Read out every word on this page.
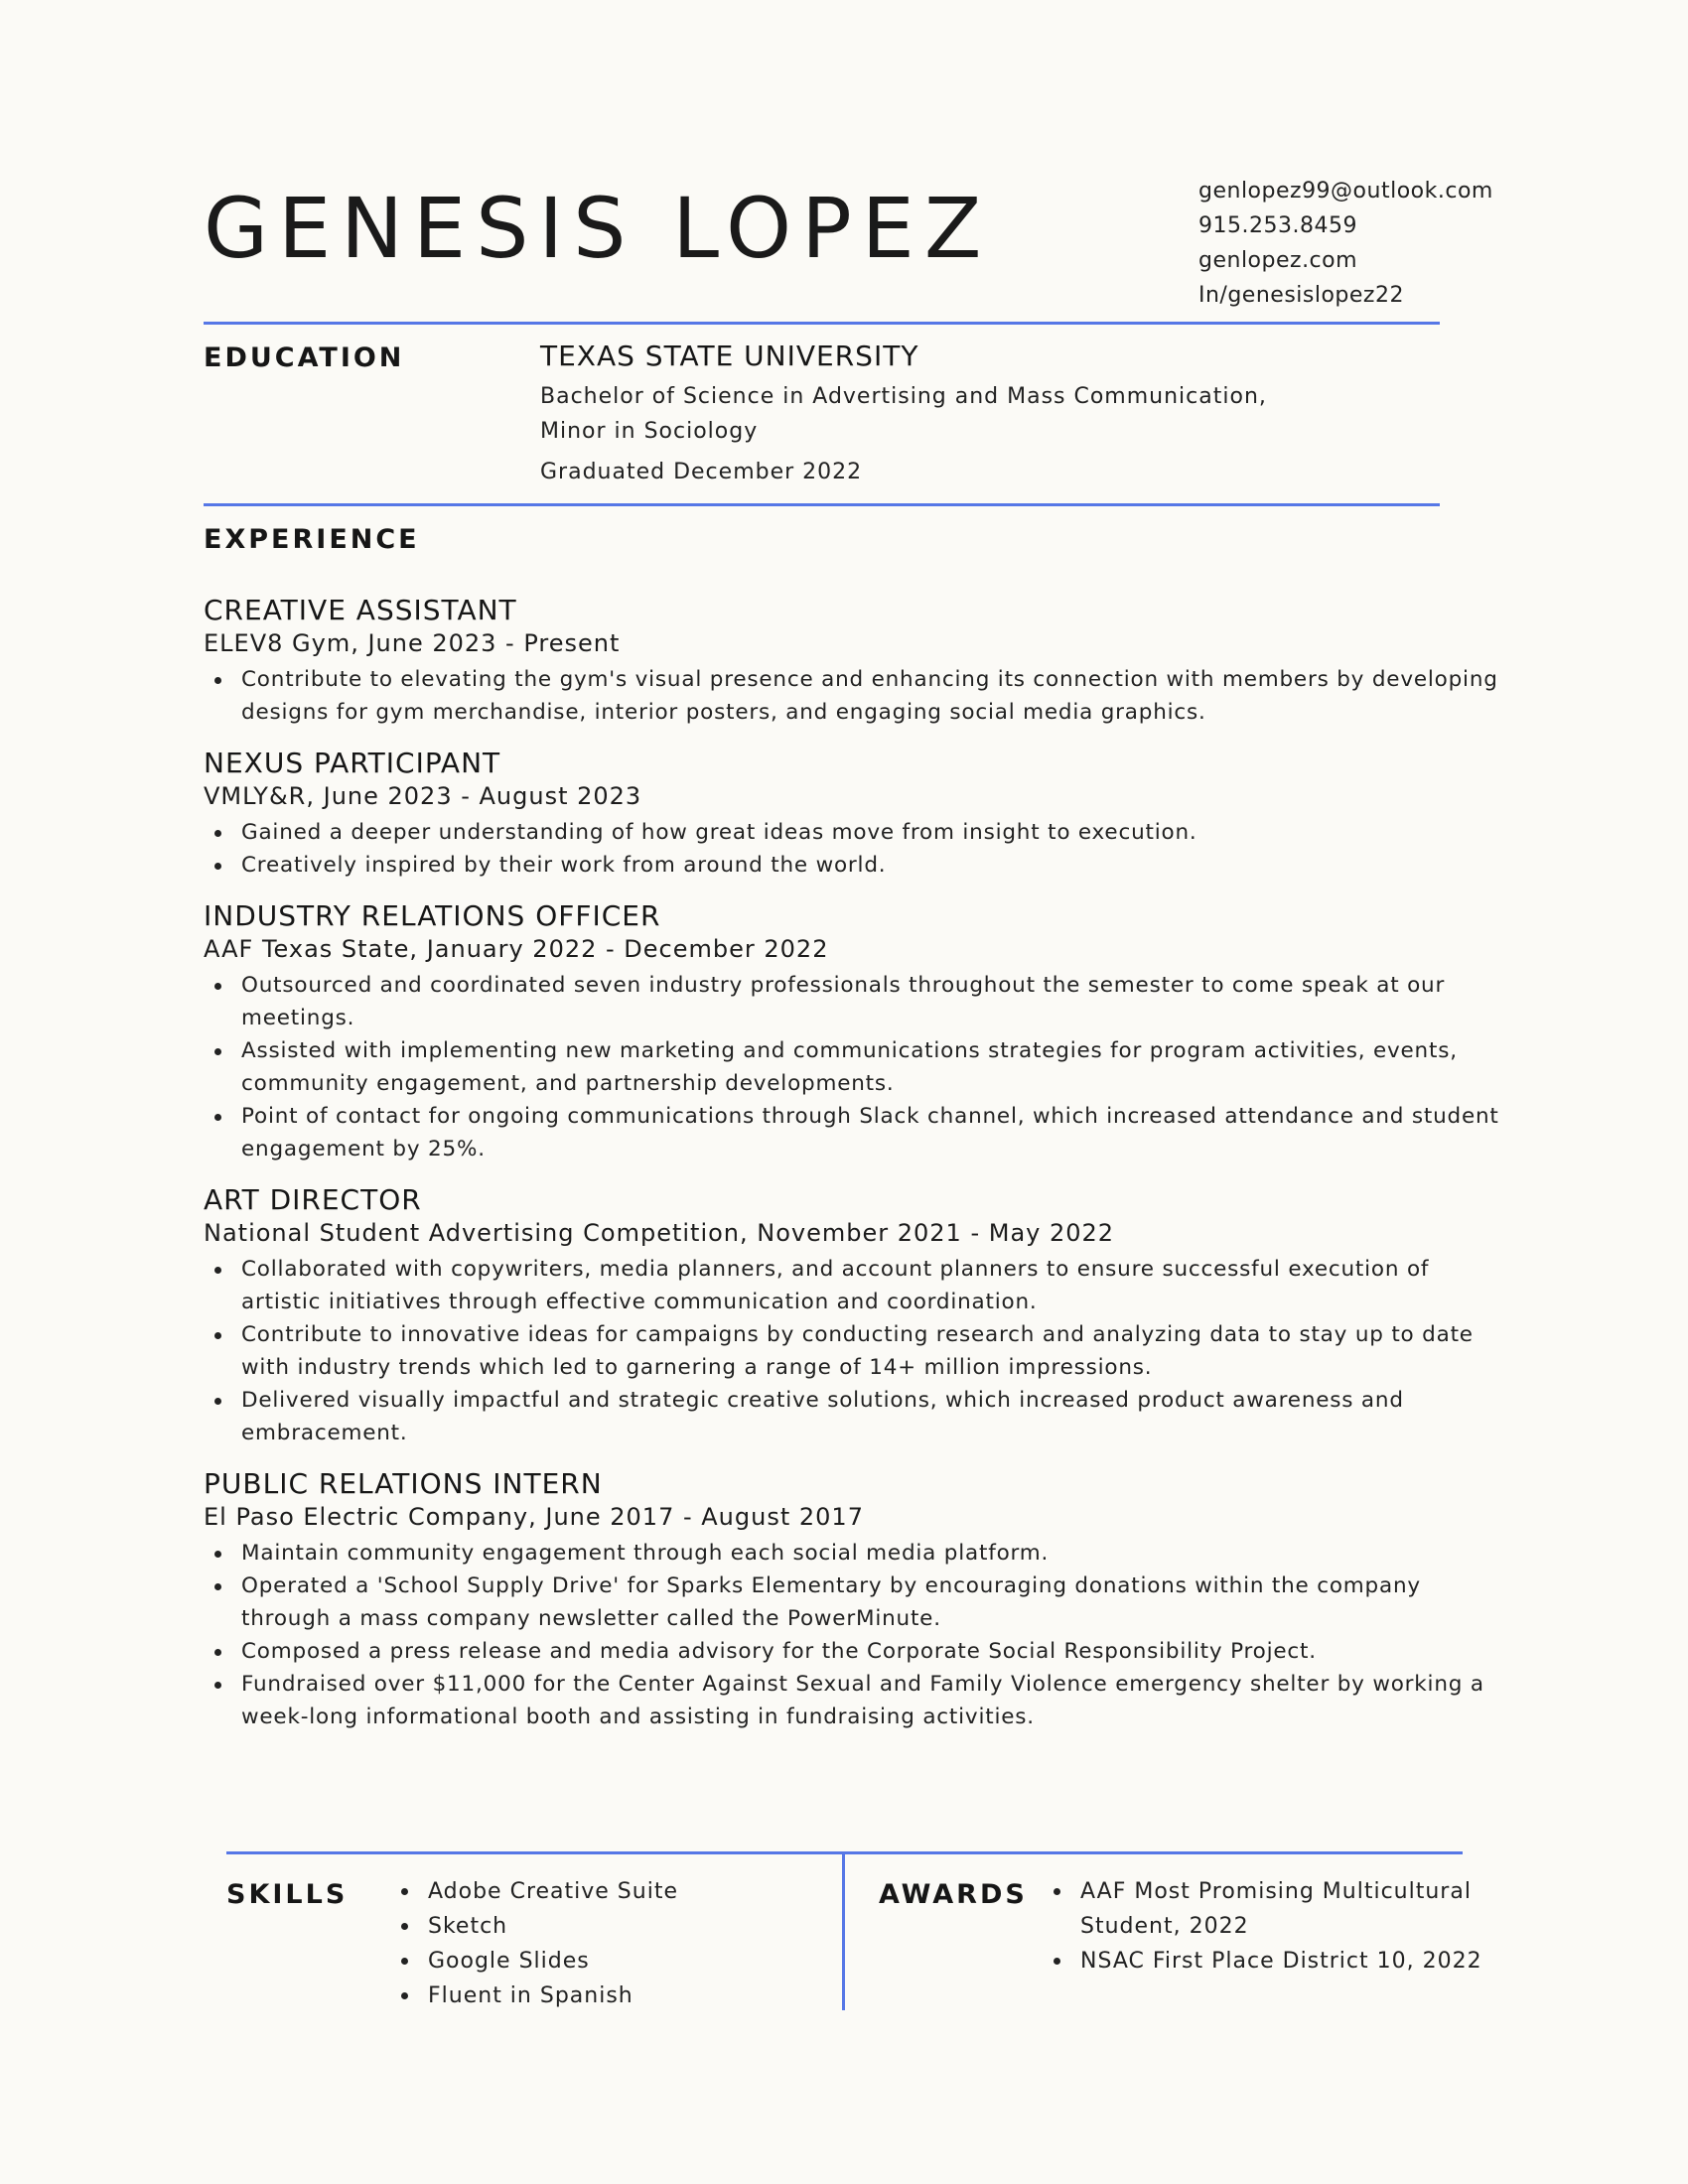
GENESIS LOPEZ	genlopez99@outlook.com
915.253.8459
genlopez.com
In/genesislopez22
EDUCATION	TEXAS STATE UNIVERSITY
Bachelor of Science in Advertising and Mass Communication,
Minor in Sociology
Graduated December 2022
EXPERIENCE
CREATIVE ASSISTANT
ELEV8 Gym, June 2023 - Present
Contribute to elevating the gym's visual presence and enhancing its connection with members by developing designs for gym merchandise, interior posters, and engaging social media graphics.
NEXUS PARTICIPANT
VMLY&R, June 2023 - August 2023
Gained a deeper understanding of how great ideas move from insight to execution.
Creatively inspired by their work from around the world.
INDUSTRY RELATIONS OFFICER
AAF Texas State, January 2022 - December 2022
Outsourced and coordinated seven industry professionals throughout the semester to come speak at our meetings.
Assisted with implementing new marketing and communications strategies for program activities, events, community engagement, and partnership developments.
Point of contact for ongoing communications through Slack channel, which increased attendance and student engagement by 25%.
ART DIRECTOR
National Student Advertising Competition, November 2021 - May 2022
Collaborated with copywriters, media planners, and account planners to ensure successful execution of artistic initiatives through effective communication and coordination.
Contribute to innovative ideas for campaigns by conducting research and analyzing data to stay up to date with industry trends which led to garnering a range of 14+ million impressions.
Delivered visually impactful and strategic creative solutions, which increased product awareness and embracement.
PUBLIC RELATIONS INTERN
El Paso Electric Company, June 2017 - August 2017
Maintain community engagement through each social media platform.
Operated a 'School Supply Drive' for Sparks Elementary by encouraging donations within the company through a mass company newsletter called the PowerMinute.
Composed a press release and media advisory for the Corporate Social Responsibility Project.
Fundraised over $11,000 for the Center Against Sexual and Family Violence emergency shelter by working a week-long informational booth and assisting in fundraising activities.
SKILLS	Adobe Creative Suite
Sketch
Google Slides
Fluent in Spanish
AWARDS	AAF Most Promising Multicultural Student, 2022
NSAC First Place District 10, 2022
